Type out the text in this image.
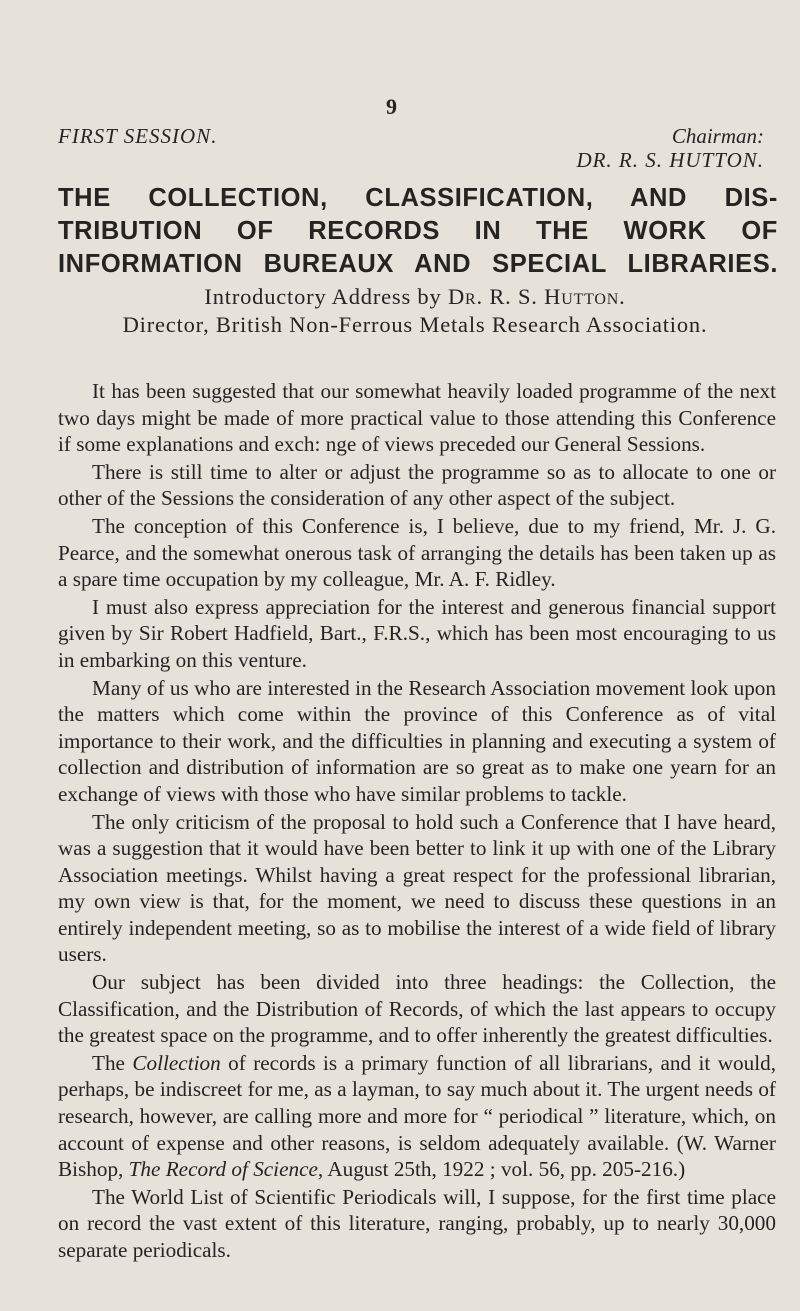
9
FIRST SESSION.	Chairman:
DR. R. S. HUTTON.
THE COLLECTION, CLASSIFICATION, AND DIS-
TRIBUTION OF RECORDS IN THE WORK OF
INFORMATION BUREAUX AND SPECIAL LIBRARIES.
Introductory Address by Dr. R. S. Hutton.
Director, British Non-Ferrous Metals Research Association.

It has been suggested that our somewhat heavily loaded programme of the next two days might be made of more practical value to those attending this Conference if some explanations and exch: nge of views preceded our General Sessions.

There is still time to alter or adjust the programme so as to allocate to one or other of the Sessions the consideration of any other aspect of the subject.

The conception of this Conference is, I believe, due to my friend, Mr. J. G. Pearce, and the somewhat onerous task of arranging the details has been taken up as a spare time occupation by my colleague, Mr. A. F. Ridley.

I must also express appreciation for the interest and generous financial support given by Sir Robert Hadfield, Bart., F.R.S., which has been most encouraging to us in embarking on this venture.

Many of us who are interested in the Research Association movement look upon the matters which come within the province of this Conference as of vital importance to their work, and the difficulties in planning and executing a system of collection and distribution of information are so great as to make one yearn for an exchange of views with those who have similar problems to tackle.

The only criticism of the proposal to hold such a Conference that I have heard, was a suggestion that it would have been better to link it up with one of the Library Association meetings. Whilst having a great respect for the professional librarian, my own view is that, for the moment, we need to discuss these questions in an entirely independent meeting, so as to mobilise the interest of a wide field of library users.

Our subject has been divided into three headings: the Collection, the Classification, and the Distribution of Records, of which the last appears to occupy the greatest space on the programme, and to offer inherently the greatest difficulties.

The Collection of records is a primary function of all librarians, and it would, perhaps, be indiscreet for me, as a layman, to say much about it. The urgent needs of research, however, are calling more and more for “ periodical ” literature, which, on account of expense and other reasons, is seldom adequately available. (W. Warner Bishop, The Record of Science, August 25th, 1922 ; vol. 56, pp. 205-216.)

The World List of Scientific Periodicals will, I suppose, for the first time place on record the vast extent of this literature, ranging, probably, up to nearly 30,000 separate periodicals.
